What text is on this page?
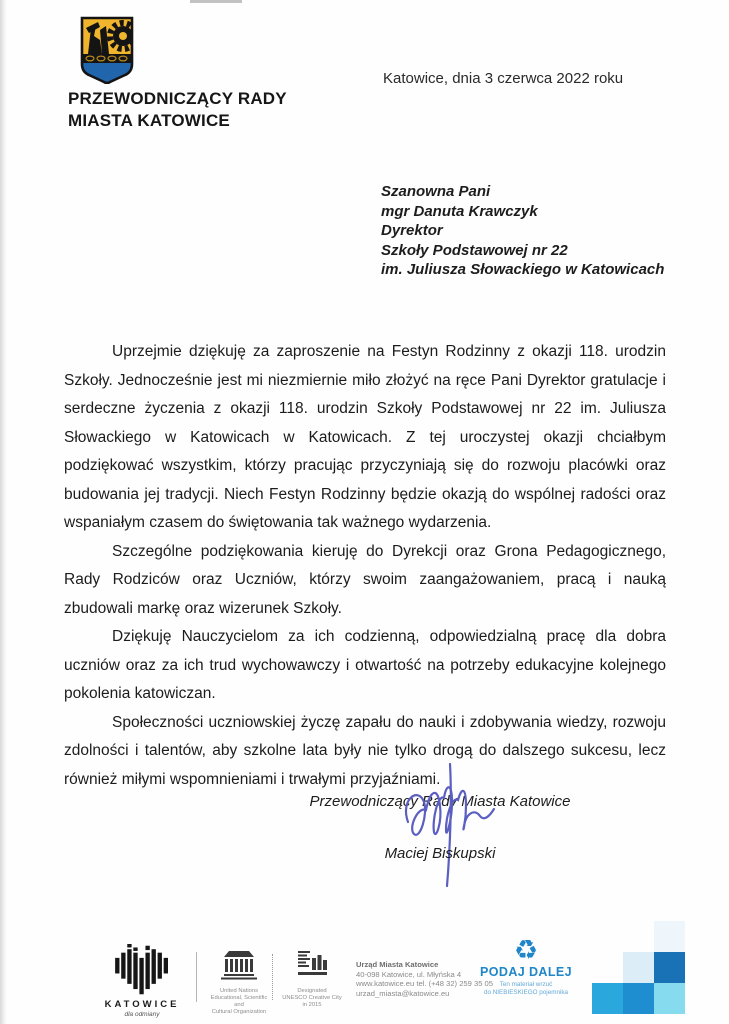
PRZEWODNICZĄCY RADY
MIASTA KATOWICE
Katowice, dnia 3 czerwca 2022 roku
Szanowna Pani
mgr Danuta Krawczyk
Dyrektor
Szkoły Podstawowej nr 22
im. Juliusza Słowackiego w Katowicach

Uprzejmie dziękuję za zaproszenie na Festyn Rodzinny z okazji 118. urodzin Szkoły. Jednocześnie jest mi niezmiernie miło złożyć na ręce Pani Dyrektor gratulacje i serdeczne życzenia z okazji 118. urodzin Szkoły Podstawowej nr 22 im. Juliusza Słowackiego w Katowicach w Katowicach. Z tej uroczystej okazji chciałbym podziękować wszystkim, którzy pracując przyczyniają się do rozwoju placówki oraz budowania jej tradycji. Niech Festyn Rodzinny będzie okazją do wspólnej radości oraz wspaniałym czasem do świętowania tak ważnego wydarzenia.

Szczególne podziękowania kieruję do Dyrekcji oraz Grona Pedagogicznego, Rady Rodziców oraz Uczniów, którzy swoim zaangażowaniem, pracą i nauką zbudowali markę oraz wizerunek Szkoły.

Dziękuję Nauczycielom za ich codzienną, odpowiedzialną pracę dla dobra uczniów oraz za ich trud wychowawczy i otwartość na potrzeby edukacyjne kolejnego pokolenia katowiczan.

Społeczności uczniowskiej życzę zapału do nauki i zdobywania wiedzy, rozwoju zdolności i talentów, aby szkolne lata były nie tylko drogą do dalszego sukcesu, lecz również miłymi wspomnieniami i trwałymi przyjaźniami.

Przewodniczący Rady Miasta Katowice
Maciej Biskupski
KATOWICE
dla odmiany
United Nations
Educational, Scientific and
Cultural Organization
Designated
UNESCO Creative City
in 2015
Urząd Miasta Katowice
40-098 Katowice, ul. Młyńska 4
www.katowice.eu tel. (+48 32) 259 35 05
urzad_miasta@katowice.eu
♻
PODAJ DALEJ
Ten materiał wrzuć
do NIEBIESKIEGO pojemnika
